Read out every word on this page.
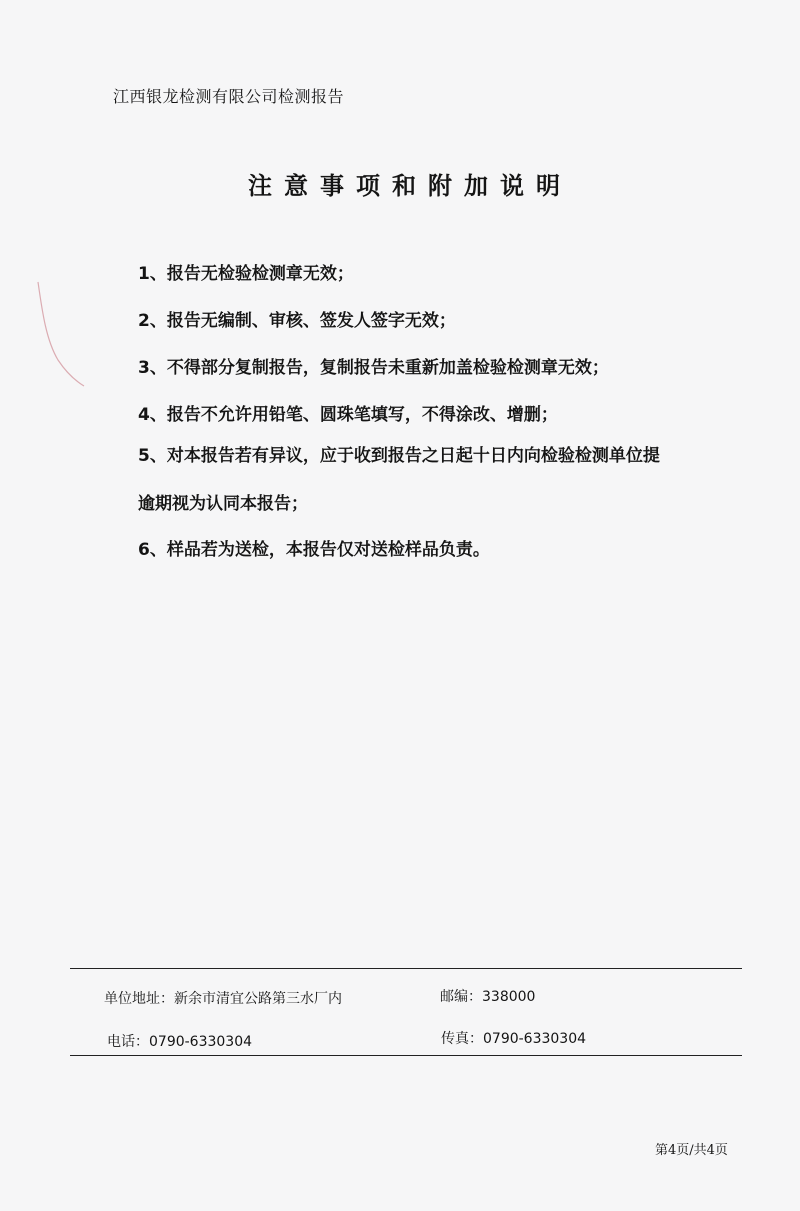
江西银龙检测有限公司检测报告
注意事项和附加说明
1、报告无检验检测章无效；
2、报告无编制、审核、签发人签字无效；
3、不得部分复制报告，复制报告未重新加盖检验检测章无效；
4、报告不允许用铅笔、圆珠笔填写，不得涂改、增删；
5、对本报告若有异议，应于收到报告之日起十日内向检验检测单位提
逾期视为认同本报告；
6、样品若为送检，本报告仅对送检样品负责。
单位地址：新余市清宜公路第三水厂内	邮编：338000
电话：0790-6330304	传真：0790-6330304
第4页/共4页
